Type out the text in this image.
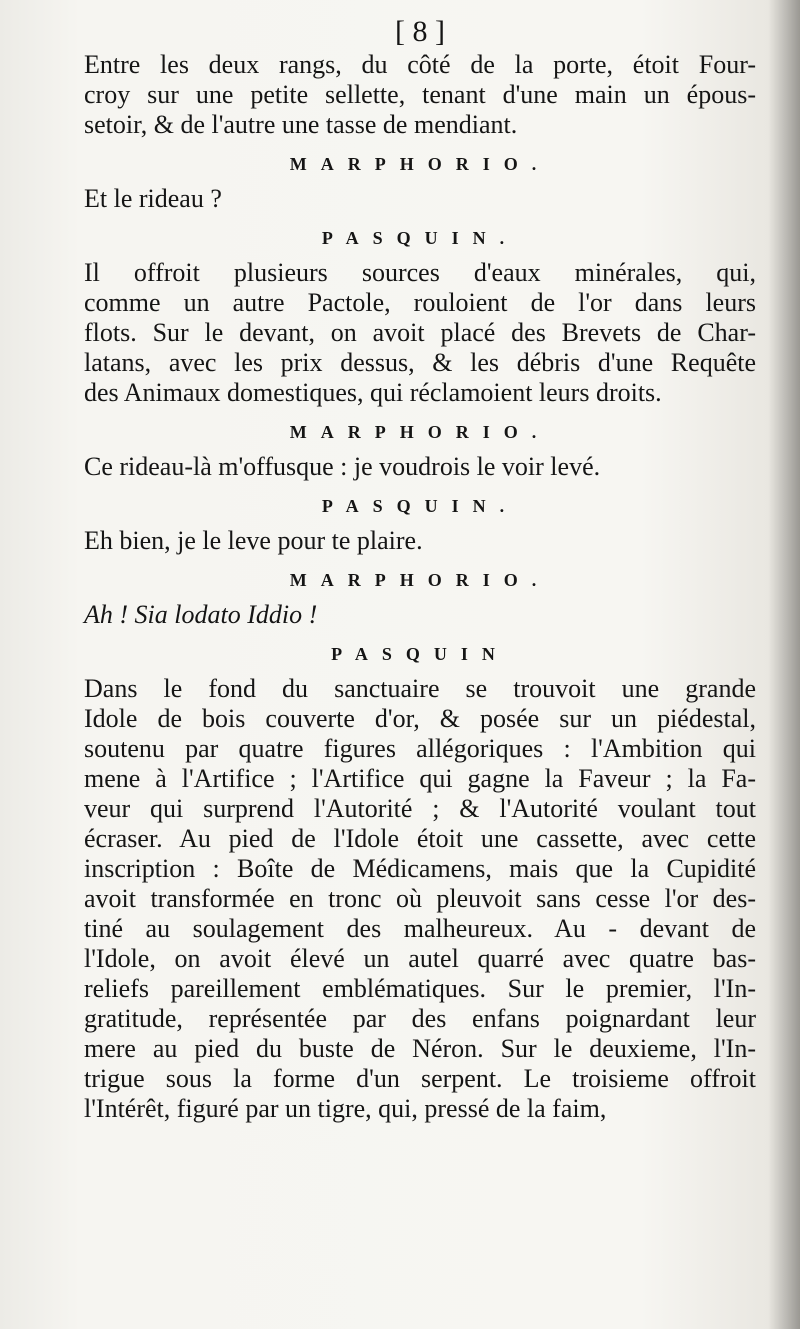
[ 8 ]

Entre les deux rangs, du côté de la porte, étoit Four-

croy sur une petite sellette, tenant d'une main un épous-

setoir, & de l'autre une tasse de mendiant.

MARPHORIO.

Et le rideau ?

PASQUIN.

Il offroit plusieurs sources d'eaux minérales, qui,

comme un autre Pactole, rouloient de l'or dans leurs

flots. Sur le devant, on avoit placé des Brevets de Char-

latans, avec les prix dessus, & les débris d'une Requête

des Animaux domestiques, qui réclamoient leurs droits.

MARPHORIO.

Ce rideau-là m'offusque : je voudrois le voir levé.

PASQUIN.

Eh bien, je le leve pour te plaire.

MARPHORIO.

Ah ! Sia lodato Iddio !

PASQUIN

Dans le fond du sanctuaire se trouvoit une grande

Idole de bois couverte d'or, & posée sur un piédestal,

soutenu par quatre figures allégoriques : l'Ambition qui

mene à l'Artifice ; l'Artifice qui gagne la Faveur ; la Fa-

veur qui surprend l'Autorité ; & l'Autorité voulant tout

écraser. Au pied de l'Idole étoit une cassette, avec cette

inscription : Boîte de Médicamens, mais que la Cupidité

avoit transformée en tronc où pleuvoit sans cesse l'or des-

tiné au soulagement des malheureux. Au - devant de

l'Idole, on avoit élevé un autel quarré avec quatre bas-

reliefs pareillement emblématiques. Sur le premier, l'In-

gratitude, représentée par des enfans poignardant leur

mere au pied du buste de Néron. Sur le deuxieme, l'In-

trigue sous la forme d'un serpent. Le troisieme offroit

l'Intérêt, figuré par un tigre, qui, pressé de la faim,
